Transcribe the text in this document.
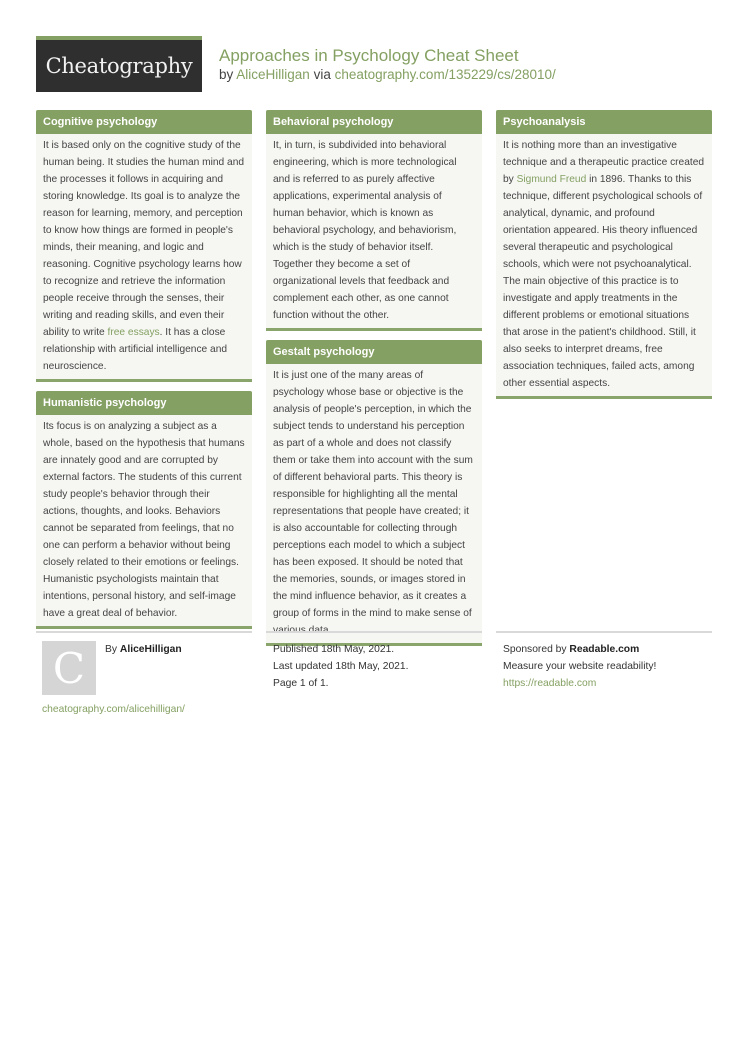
Cheatography Approaches in Psychology Cheat Sheet
by AliceHilligan via cheatography.com/135229/cs/28010/
Cognitive psychology
It is based only on the cognitive study of the human being. It studies the human mind and the processes it follows in acquiring and storing knowledge. Its goal is to analyze the reason for learning, memory, and perception to know how things are formed in people's minds, their meaning, and logic and reasoning. Cognitive psychology learns how to recognize and retrieve the information people receive through the senses, their writing and reading skills, and even their ability to write free essays. It has a close relationship with artificial intelligence and neuroscience.
Humanistic psychology
Its focus is on analyzing a subject as a whole, based on the hypothesis that humans are innately good and are corrupted by external factors. The students of this current study people's behavior through their actions, thoughts, and looks. Behaviors cannot be separated from feelings, that no one can perform a behavior without being closely related to their emotions or feelings. Humanistic psychologists maintain that intentions, personal history, and self-image have a great deal of behavior.
Behavioral psychology
It, in turn, is subdivided into behavioral engineering, which is more technological and is referred to as purely affective applications, experimental analysis of human behavior, which is known as behavioral psychology, and behaviorism, which is the study of behavior itself. Together they become a set of organizational levels that feedback and complement each other, as one cannot function without the other.
Gestalt psychology
It is just one of the many areas of psychology whose base or objective is the analysis of people's perception, in which the subject tends to understand his perception as part of a whole and does not classify them or take them into account with the sum of different behavioral parts. This theory is responsible for highlighting all the mental representations that people have created; it is also accountable for collecting through perceptions each model to which a subject has been exposed. It should be noted that the memories, sounds, or images stored in the mind influence behavior, as it creates a group of forms in the mind to make sense of various data.
Psychoanalysis
It is nothing more than an investigative technique and a therapeutic practice created by Sigmund Freud in 1896. Thanks to this technique, different psychological schools of analytical, dynamic, and profound orientation appeared. His theory influenced several therapeutic and psychological schools, which were not psychoanalytical. The main objective of this practice is to investigate and apply treatments in the different problems or emotional situations that arose in the patient's childhood. Still, it also seeks to interpret dreams, free association techniques, failed acts, among other essential aspects.
C	By AliceHilligan
cheatography.com/alicehilligan/
Published 18th May, 2021.
Last updated 18th May, 2021.
Page 1 of 1.
Sponsored by Readable.com
Measure your website readability!
https://readable.com
